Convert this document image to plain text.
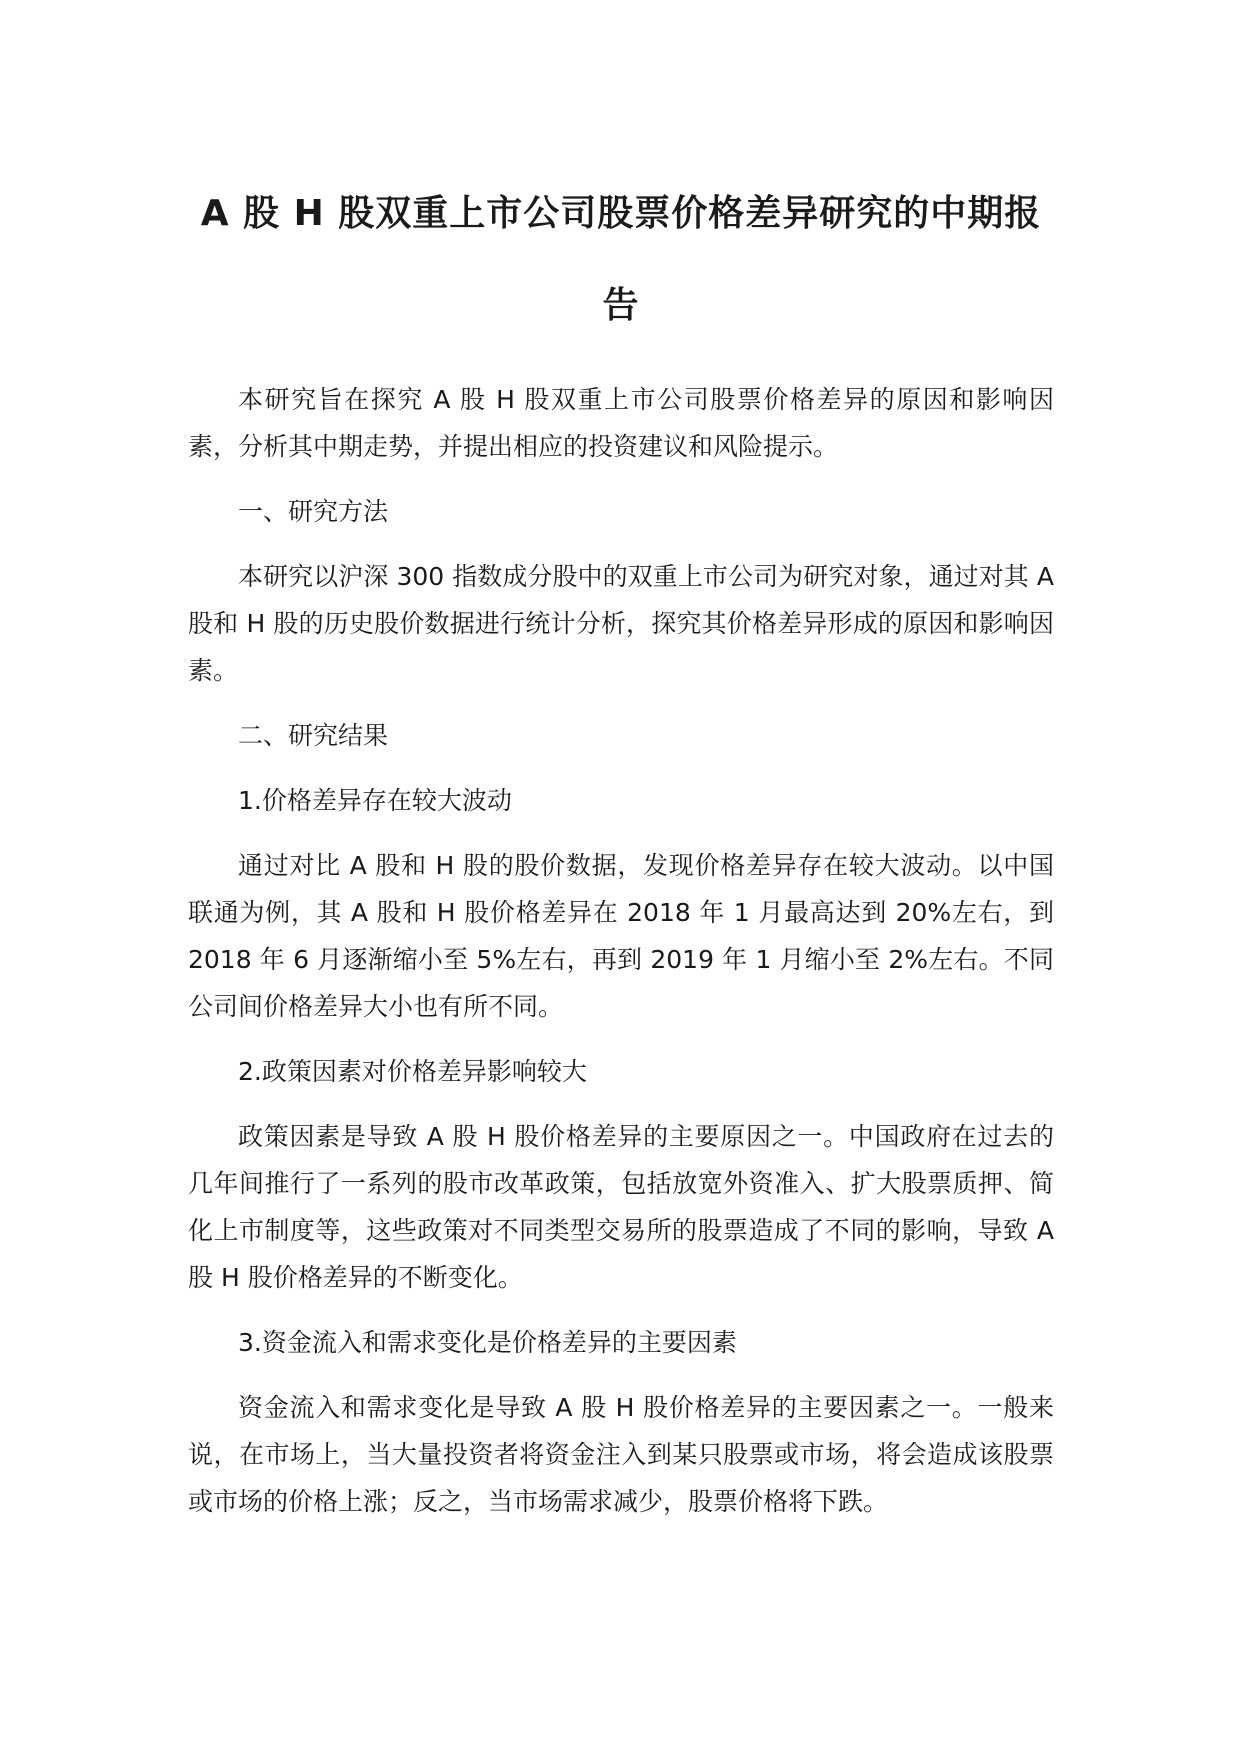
A 股 H 股双重上市公司股票价格差异研究的中期报告

本研究旨在探究 A 股 H 股双重上市公司股票价格差异的原因和影响因素，分析其中期走势，并提出相应的投资建议和风险提示。

一、研究方法

本研究以沪深 300 指数成分股中的双重上市公司为研究对象，通过对其 A 股和 H 股的历史股价数据进行统计分析，探究其价格差异形成的原因和影响因素。

二、研究结果

1.价格差异存在较大波动

通过对比 A 股和 H 股的股价数据，发现价格差异存在较大波动。以中国联通为例，其 A 股和 H 股价格差异在 2018 年 1 月最高达到 20%左右，到 2018 年 6 月逐渐缩小至 5%左右，再到 2019 年 1 月缩小至 2%左右。不同公司间价格差异大小也有所不同。

2.政策因素对价格差异影响较大

政策因素是导致 A 股 H 股价格差异的主要原因之一。中国政府在过去的几年间推行了一系列的股市改革政策，包括放宽外资准入、扩大股票质押、简化上市制度等，这些政策对不同类型交易所的股票造成了不同的影响，导致 A 股 H 股价格差异的不断变化。

3.资金流入和需求变化是价格差异的主要因素

资金流入和需求变化是导致 A 股 H 股价格差异的主要因素之一。一般来说，在市场上，当大量投资者将资金注入到某只股票或市场，将会造成该股票或市场的价格上涨；反之，当市场需求减少，股票价格将下跌。
